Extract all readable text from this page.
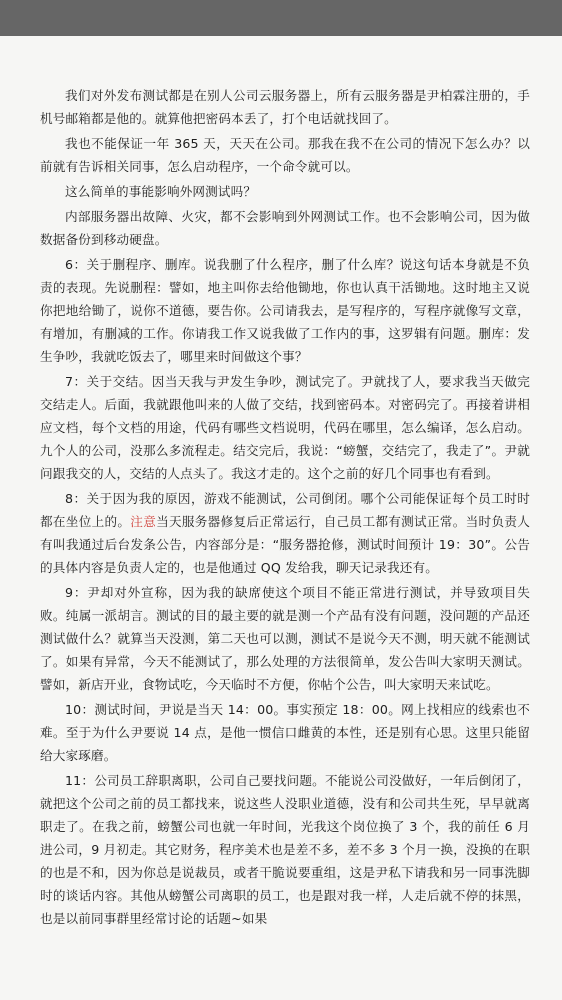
我们对外发布测试都是在别人公司云服务器上，所有云服务器是尹柏霖注册的，手机号邮箱都是他的。就算他把密码本丢了，打个电话就找回了。

我也不能保证一年 365 天，天天在公司。那我在我不在公司的情况下怎么办？以前就有告诉相关同事，怎么启动程序，一个命令就可以。

这么简单的事能影响外网测试吗？

内部服务器出故障、火灾，都不会影响到外网测试工作。也不会影响公司，因为做数据备份到移动硬盘。

6：关于删程序、删库。说我删了什么程序，删了什么库？说这句话本身就是不负责的表现。先说删程：譬如，地主叫你去给他锄地，你也认真干活锄地。这时地主又说你把地给锄了，说你不道德，要告你。公司请我去，是写程序的，写程序就像写文章，有增加，有删减的工作。你请我工作又说我做了工作内的事，这罗辑有问题。删库：发生争吵，我就吃饭去了，哪里来时间做这个事？

7：关于交结。因当天我与尹发生争吵，测试完了。尹就找了人，要求我当天做完交结走人。后面，我就跟他叫来的人做了交结，找到密码本。对密码完了。再接着讲相应文档，每个文档的用途，代码有哪些文档说明，代码在哪里，怎么编译，怎么启动。九个人的公司，没那么多流程走。结交完后，我说：“螃蟹，交结完了，我走了”。尹就问跟我交的人，交结的人点头了。我这才走的。这个之前的好几个同事也有看到。

8：关于因为我的原因，游戏不能测试，公司倒闭。哪个公司能保证每个员工时时都在坐位上的。注意当天服务器修复后正常运行，自己员工都有测试正常。当时负责人有叫我通过后台发条公告，内容部分是：“服务器抢修，测试时间预计 19：30”。公告的具体内容是负责人定的，也是他通过 QQ 发给我，聊天记录我还有。

9：尹却对外宣称，因为我的缺席使这个项目不能正常进行测试，并导致项目失败。纯属一派胡言。测试的目的最主要的就是测一个产品有没有问题，没问题的产品还测试做什么？就算当天没测，第二天也可以测，测试不是说今天不测，明天就不能测试了。如果有异常，今天不能测试了，那么处理的方法很简单，发公告叫大家明天测试。譬如，新店开业，食物试吃，今天临时不方便，你帖个公告，叫大家明天来试吃。

10：测试时间，尹说是当天 14：00。事实预定 18：00。网上找相应的线索也不难。至于为什么尹要说 14 点，是他一惯信口雌黄的本性，还是别有心思。这里只能留给大家琢磨。

11：公司员工辞职离职，公司自己要找问题。不能说公司没做好，一年后倒闭了，就把这个公司之前的员工都找来，说这些人没职业道德，没有和公司共生死，早早就离职走了。在我之前，螃蟹公司也就一年时间，光我这个岗位换了 3 个，我的前任 6 月进公司，9 月初走。其它财务，程序美术也是差不多，差不多 3 个月一换，没换的在职的也是不和，因为你总是说裁员，或者干脆说要重组，这是尹私下请我和另一同事洗脚时的谈话内容。其他从螃蟹公司离职的员工，也是跟对我一样，人走后就不停的抹黑，也是以前同事群里经常讨论的话题~如果
